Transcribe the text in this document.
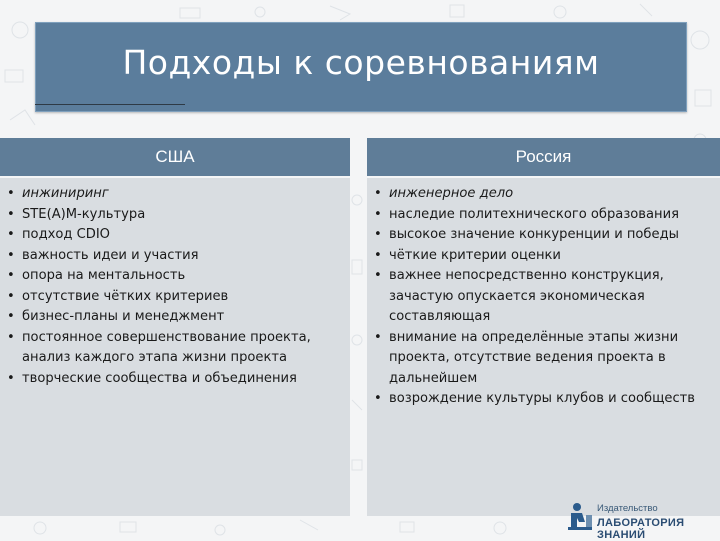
Подходы к соревнованиям
США	Россия
• инжиниринг
• STE(A)M-культура
• подход CDIO
• важность идеи и участия
• опора на ментальность
• отсутствие чётких критериев
• бизнес-планы и менеджмент
• постоянное совершенствование проекта, анализ каждого этапа жизни проекта
• творческие сообщества и объединения
• инженерное дело
• наследие политехнического образования
• высокое значение конкуренции и победы
• чёткие критерии оценки
• важнее непосредственно конструкция, зачастую опускается экономическая составляющая
• внимание на определённые этапы жизни проекта, отсутствие ведения проекта в дальнейшем
• возрождение культуры клубов и сообществ
Издательство
ЛАБОРАТОРИЯ ЗНАНИЙ
